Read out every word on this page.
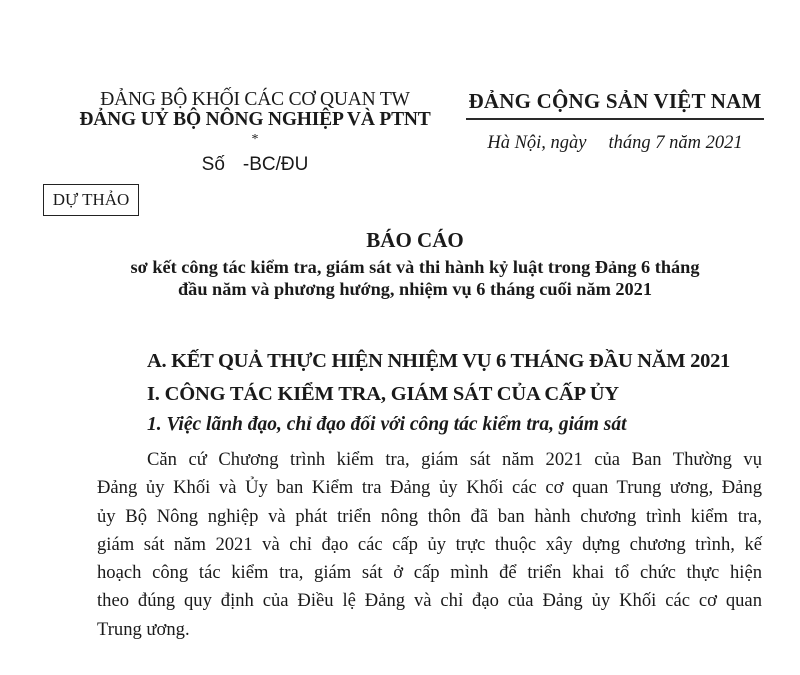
ĐẢNG BỘ KHỐI CÁC CƠ QUAN TW
ĐẢNG UỶ BỘ NÔNG NGHIỆP VÀ PTNT
*
Số -BC/ĐU
DỰ THẢO
ĐẢNG CỘNG SẢN VIỆT NAM
Hà Nội, ngày tháng 7 năm 2021
BÁO CÁO
sơ kết công tác kiểm tra, giám sát và thi hành kỷ luật trong Đảng 6 tháng
đầu năm và phương hướng, nhiệm vụ 6 tháng cuối năm 2021
A. KẾT QUẢ THỰC HIỆN NHIỆM VỤ 6 THÁNG ĐẦU NĂM 2021
I. CÔNG TÁC KIỂM TRA, GIÁM SÁT CỦA CẤP ỦY
1. Việc lãnh đạo, chỉ đạo đối với công tác kiểm tra, giám sát
Căn cứ Chương trình kiểm tra, giám sát năm 2021 của Ban Thường vụ
Đảng ủy Khối và Ủy ban Kiểm tra Đảng ủy Khối các cơ quan Trung ương, Đảng
ủy Bộ Nông nghiệp và phát triển nông thôn đã ban hành chương trình kiểm tra,
giám sát năm 2021 và chỉ đạo các cấp ủy trực thuộc xây dựng chương trình, kế
hoạch công tác kiểm tra, giám sát ở cấp mình để triển khai tổ chức thực hiện
theo đúng quy định của Điều lệ Đảng và chỉ đạo của Đảng ủy Khối các cơ quan
Trung ương.
